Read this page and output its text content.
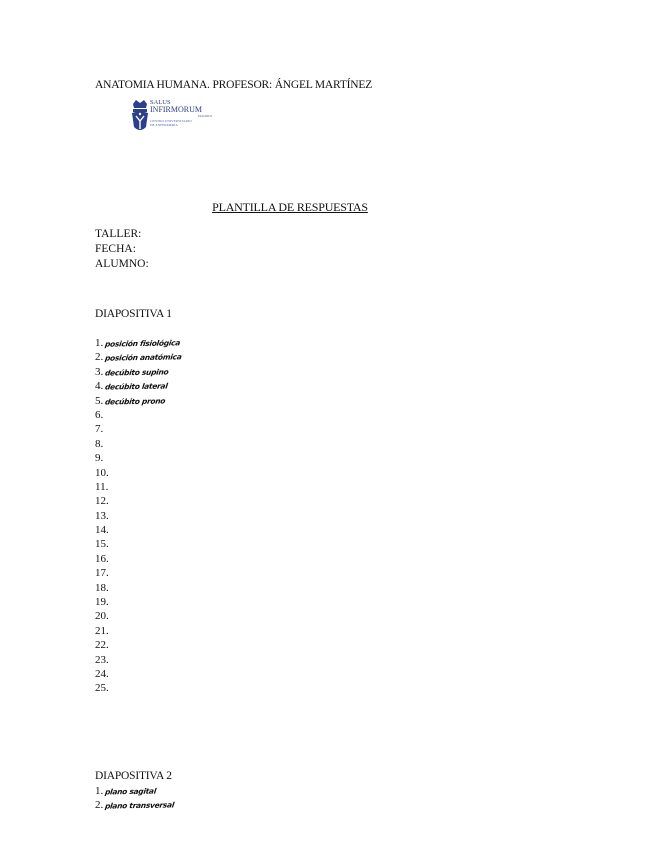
ANATOMIA HUMANA. PROFESOR: ÁNGEL MARTÍNEZ
SALUS
INFIRMORUM
MADRID
CENTRO UNIVERSITARIO
DE ENFERMERÍA
PLANTILLA DE RESPUESTAS
TALLER:
FECHA:
ALUMNO:
DIAPOSITIVA 1
1.posición fisiológica
2.posición anatómica
3.decúbito supino
4.decúbito lateral
5.decúbito prono
6.
7.
8.
9.
10.
11.
12.
13.
14.
15.
16.
17.
18.
19.
20.
21.
22.
23.
24.
25.
DIAPOSITIVA 2
1.plano sagital
2.plano transversal
